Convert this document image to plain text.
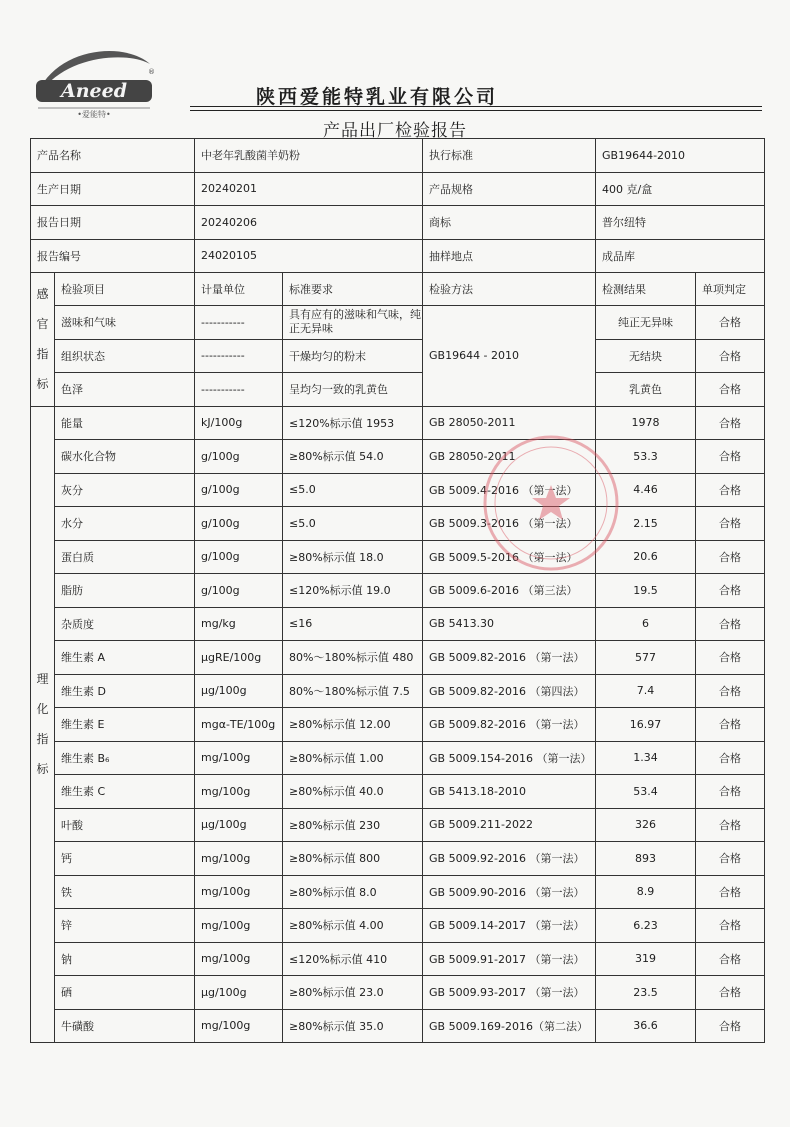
Aneed
®
•爱能特•
陕西爱能特乳业有限公司
产品出厂检验报告
产品名称		中老年乳酸菌羊奶粉		执行标准	GB19644-2010	
生产日期		20240201		产品规格	400 克/盒	
报告日期		20240206		商标	普尔纽特	
报告编号		24020105		抽样地点	成品库	

感
官
指
标	检验项目	计量单位	标准要求	检验方法	检测结果	单项判定
	滋味和气味	-----------	具有应有的滋味和气味，纯正无异味	GB19644 - 2010	纯正无异味	合格
	组织状态	-----------	干燥均匀的粉末		无结块	合格
	色泽	-----------	呈均匀一致的乳黄色		乳黄色	合格

理
化
指
标	能量	kJ/100g	≤120%标示值 1953	GB 28050-2011	1978	合格
	碳水化合物	g/100g	≥80%标示值 54.0	GB 28050-2011	53.3	合格
	灰分	g/100g	≤5.0	GB 5009.4-2016 （第一法）	4.46	合格
	水分	g/100g	≤5.0	GB 5009.3-2016 （第一法）	2.15	合格
	蛋白质	g/100g	≥80%标示值 18.0	GB 5009.5-2016 （第一法）	20.6	合格
	脂肪	g/100g	≤120%标示值 19.0	GB 5009.6-2016 （第三法）	19.5	合格
	杂质度	mg/kg	≤16	GB 5413.30	6	合格
	维生素 A	μgRE/100g	80%～180%标示值 480	GB 5009.82-2016 （第一法）	577	合格
	维生素 D	μg/100g	80%～180%标示值 7.5	GB 5009.82-2016 （第四法）	7.4	合格
	维生素 E	mgα-TE/100g	≥80%标示值 12.00	GB 5009.82-2016 （第一法）	16.97	合格
	维生素 B₆	mg/100g	≥80%标示值 1.00	GB 5009.154-2016 （第一法）	1.34	合格
	维生素 C	mg/100g	≥80%标示值 40.0	GB 5413.18-2010	53.4	合格
	叶酸	μg/100g	≥80%标示值 230	GB 5009.211-2022	326	合格
	钙	mg/100g	≥80%标示值 800	GB 5009.92-2016 （第一法）	893	合格
	铁	mg/100g	≥80%标示值 8.0	GB 5009.90-2016 （第一法）	8.9	合格
	锌	mg/100g	≥80%标示值 4.00	GB 5009.14-2017 （第一法）	6.23	合格
	钠	mg/100g	≤120%标示值 410	GB 5009.91-2017 （第一法）	319	合格
	硒	μg/100g	≥80%标示值 23.0	GB 5009.93-2017 （第一法）	23.5	合格
	牛磺酸	mg/100g	≥80%标示值 35.0	GB 5009.169-2016（第二法）	36.6	合格
